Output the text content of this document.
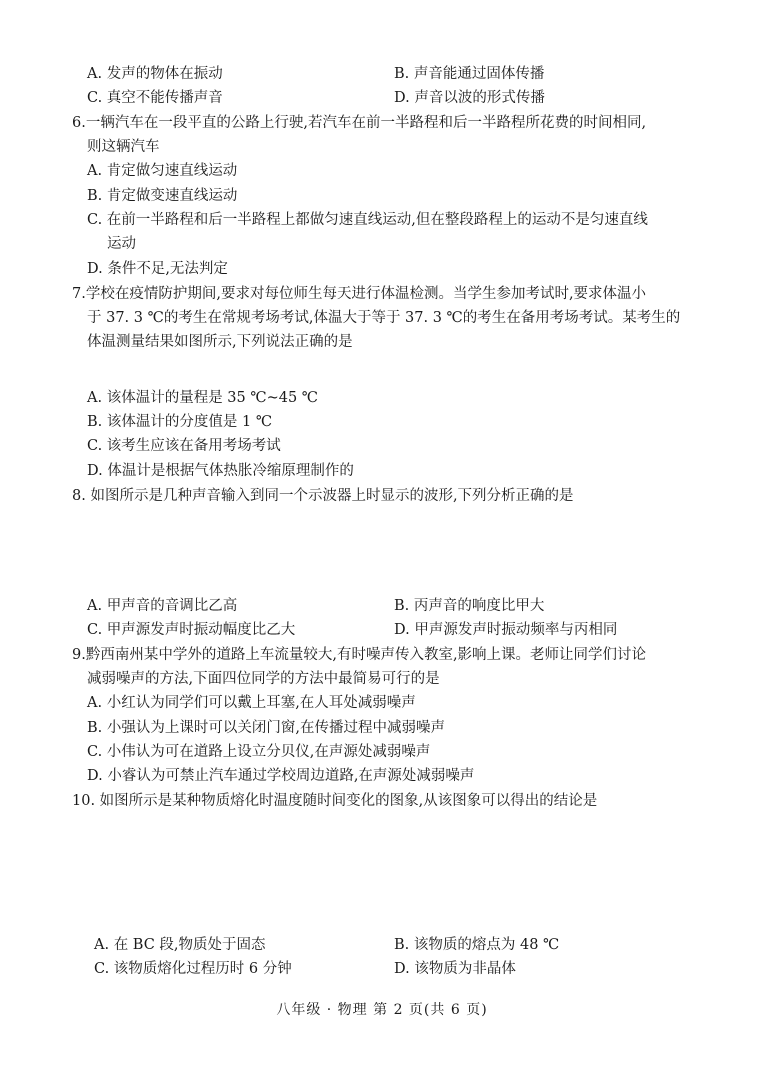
A. 发声的物体在振动	B. 声音能通过固体传播
C. 真空不能传播声音	D. 声音以波的形式传播
6.一辆汽车在一段平直的公路上行驶,若汽车在前一半路程和后一半路程所花费的时间相同,
则这辆汽车
A. 肯定做匀速直线运动
B. 肯定做变速直线运动
C. 在前一半路程和后一半路程上都做匀速直线运动,但在整段路程上的运动不是匀速直线
运动
D. 条件不足,无法判定
7.学校在疫情防护期间,要求对每位师生每天进行体温检测。当学生参加考试时,要求体温小
于 37. 3 ℃的考生在常规考场考试,体温大于等于 37. 3 ℃的考生在备用考场考试。某考生的
体温测量结果如图所示,下列说法正确的是
A. 该体温计的量程是 35 ℃~45 ℃
B. 该体温计的分度值是 1 ℃
C. 该考生应该在备用考场考试
D. 体温计是根据气体热胀冷缩原理制作的
8. 如图所示是几种声音输入到同一个示波器上时显示的波形,下列分析正确的是
A. 甲声音的音调比乙高	B. 丙声音的响度比甲大
C. 甲声源发声时振动幅度比乙大	D. 甲声源发声时振动频率与丙相同
9.黔西南州某中学外的道路上车流量较大,有时噪声传入教室,影响上课。老师让同学们讨论
减弱噪声的方法,下面四位同学的方法中最简易可行的是
A. 小红认为同学们可以戴上耳塞,在人耳处减弱噪声
B. 小强认为上课时可以关闭门窗,在传播过程中减弱噪声
C. 小伟认为可在道路上设立分贝仪,在声源处减弱噪声
D. 小睿认为可禁止汽车通过学校周边道路,在声源处减弱噪声
10. 如图所示是某种物质熔化时温度随时间变化的图象,从该图象可以得出的结论是
A. 在 BC 段,物质处于固态	B. 该物质的熔点为 48 ℃
C. 该物质熔化过程历时 6 分钟	D. 该物质为非晶体
八年级 · 物理 第 2 页(共 6 页)
